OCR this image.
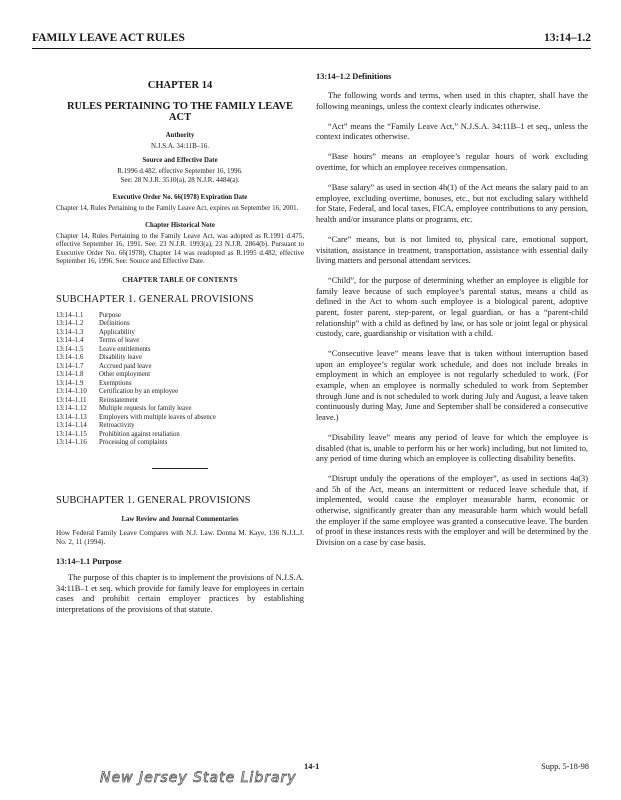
FAMILY LEAVE ACT RULES	13:14–1.2
CHAPTER 14
RULES PERTAINING TO THE FAMILY LEAVE ACT
Authority
N.J.S.A. 34:11B–16.
Source and Effective Date
R.1996 d.482, effective September 16, 1996.
See: 28 N.J.R. 3510(a), 28 N.J.R. 4484(a).
Executive Order No. 66(1978) Expiration Date
Chapter 14, Rules Pertaining to the Family Leave Act, expires on September 16, 2001.
Chapter Historical Note
Chapter 14, Rules Pertaining to the Family Leave Act, was adopted as R.1991 d.475, effective September 16, 1991. See: 23 N.J.R. 1993(a), 23 N.J.R. 2864(b). Pursuant to Executive Order No. 66(1978), Chapter 14 was readopted as R.1995 d.482, effective September 16, 1996. See: Source and Effective Date.
CHAPTER TABLE OF CONTENTS
SUBCHAPTER 1. GENERAL PROVISIONS
13:14–1.1	Purpose
13:14–1.2	Definitions
13:14–1.3	Applicability
13:14–1.4	Terms of leave
13:14–1.5	Leave entitlements
13:14–1.6	Disability leave
13:14–1.7	Accrued paid leave
13:14–1.8	Other employment
13:14–1.9	Exemptions
13:14–1.10	Certification by an employee
13:14–1.11	Reinstatement
13:14–1.12	Multiple requests for family leave
13:14–1.13	Employers with multiple leaves of absence
13:14–1.14	Retroactivity
13:14–1.15	Prohibition against retaliation
13:14–1.16	Processing of complaints
SUBCHAPTER 1. GENERAL PROVISIONS
Law Review and Journal Commentaries
How Federal Family Leave Compares with N.J. Law. Donna M. Kaye, 136 N.J.L.J. No. 2, 11 (1994).
13:14–1.1 Purpose
The purpose of this chapter is to implement the provisions of N.J.S.A. 34:11B–1 et seq. which provide for family leave for employees in certain cases and prohibit certain employer practices by establishing interpretations of the provisions of that statute.
13:14–1.2 Definitions
The following words and terms, when used in this chapter, shall have the following meanings, unless the context clearly indicates otherwise.
“Act” means the “Family Leave Act,” N.J.S.A. 34:11B–1 et seq., unless the context indicates otherwise.
“Base hours” means an employee’s regular hours of work excluding overtime, for which an employee receives compensation.
“Base salary” as used in section 4h(1) of the Act means the salary paid to an employee, excluding overtime, bonuses, etc., but not excluding salary withheld for State, Federal, and local taxes, FICA, employee contributions to any pension, health and/or insurance plans or programs, etc.
“Care” means, but is not limited to, physical care, emotional support, visitation, assistance in treatment, transportation, assistance with essential daily living matters and personal attendant services.
“Child”, for the purpose of determining whether an employee is eligible for family leave because of such employee’s parental status, means a child as defined in the Act to whom such employee is a biological parent, adoptive parent, foster parent, step-parent, or legal guardian, or has a “parent-child relationship” with a child as defined by law, or has sole or joint legal or physical custody, care, guardianship or visitation with a child.
“Consecutive leave” means leave that is taken without interruption based upon an employee’s regular work schedule, and does not include breaks in employment in which an employee is not regularly scheduled to work. (For example, when an employee is normally scheduled to work from September through June and is not scheduled to work during July and August, a leave taken continuously during May, June and September shall be considered a consecutive leave.)
“Disability leave” means any period of leave for which the employee is disabled (that is, unable to perform his or her work) including, but not limited to, any period of time during which an employee is collecting disability benefits.
“Disrupt unduly the operations of the employer”, as used in sections 4a(3) and 5h of the Act, means an intermittent or reduced leave schedule that, if implemented, would cause the employer measurable harm, economic or otherwise, significantly greater than any measurable harm which would befall the employer if the same employee was granted a consecutive leave. The burden of proof in these instances rests with the employer and will be determined by the Division on a case by case basis.
14-1	Supp. 5-18-98
New Jersey State Library
